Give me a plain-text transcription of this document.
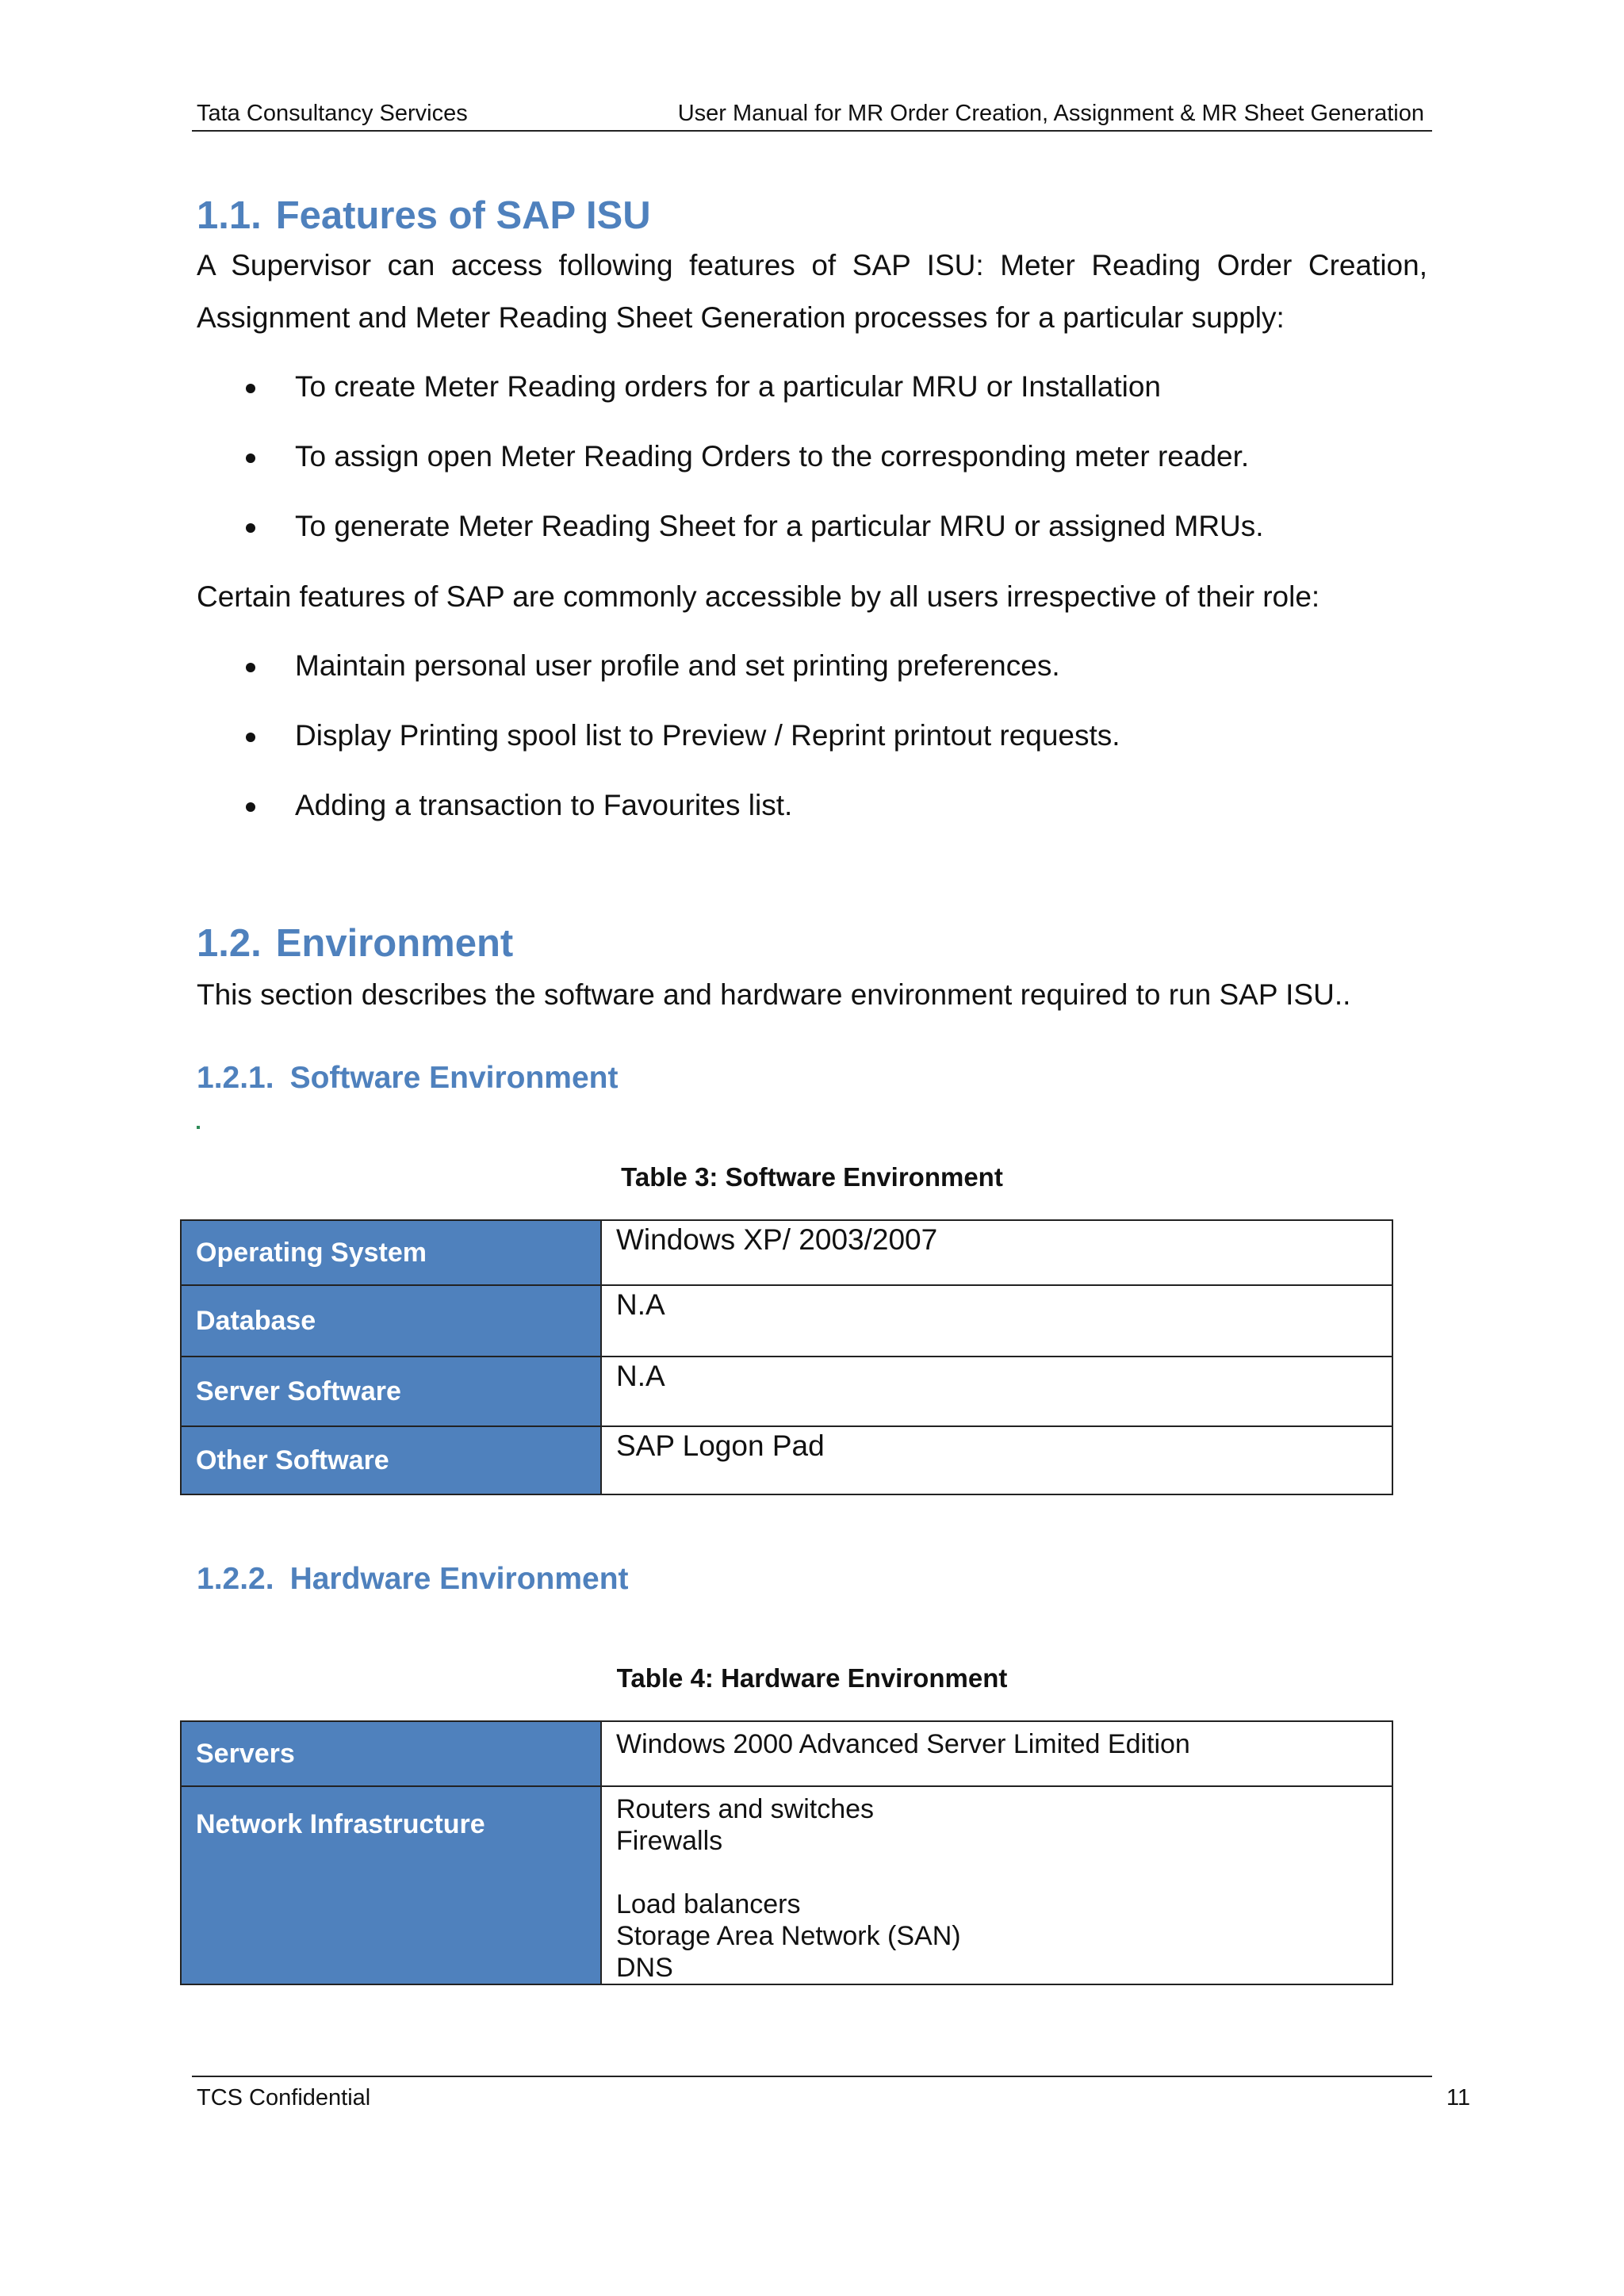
Tata Consultancy Services	User Manual for MR Order Creation, Assignment & MR Sheet Generation
1.1. Features of SAP ISU

A Supervisor can access following features of SAP ISU: Meter Reading Order Creation, Assignment and Meter Reading Sheet Generation processes for a particular supply:

To create Meter Reading orders for a particular MRU or Installation
To assign open Meter Reading Orders to the corresponding meter reader.
To generate Meter Reading Sheet for a particular MRU or assigned MRUs.

Certain features of SAP are commonly accessible by all users irrespective of their role:

Maintain personal user profile and set printing preferences.
Display Printing spool list to Preview / Reprint printout requests.
Adding a transaction to Favourites list.
1.2. Environment

This section describes the software and hardware environment required to run SAP ISU..

1.2.1. Software Environment
Table 3: Software Environment
Operating System	Windows XP/ 2003/2007
Database	N.A
Server Software	N.A
Other Software	SAP Logon Pad
1.2.2. Hardware Environment
Table 4: Hardware Environment
Servers	Windows 2000 Advanced Server Limited Edition

Network Infrastructure	Routers and switches
Firewalls
Load balancers
Storage Area Network (SAN)
DNS
TCS Confidential	11
